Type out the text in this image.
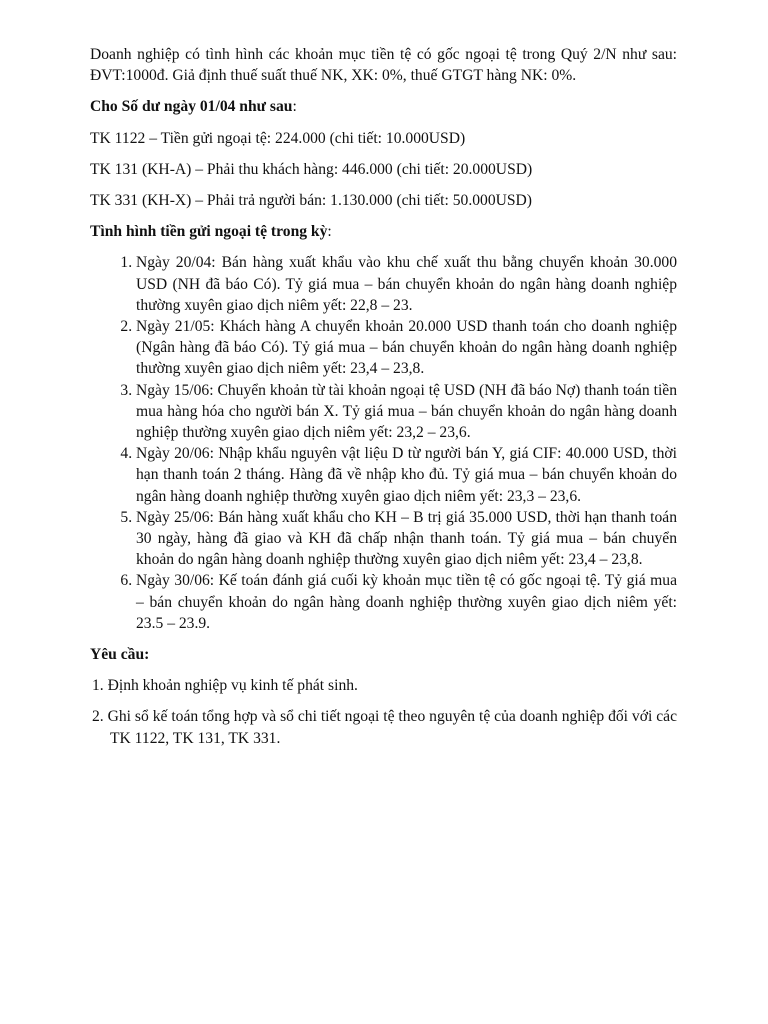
Doanh nghiệp có tình hình các khoản mục tiền tệ có gốc ngoại tệ trong Quý 2/N như sau: ĐVT:1000đ. Giả định thuế suất thuế NK, XK: 0%, thuế GTGT hàng NK: 0%.

Cho Số dư ngày 01/04 như sau:

TK 1122 – Tiền gửi ngoại tệ: 224.000 (chi tiết: 10.000USD)

TK 131 (KH-A) – Phải thu khách hàng: 446.000 (chi tiết: 20.000USD)

TK 331 (KH-X) – Phải trả người bán: 1.130.000 (chi tiết: 50.000USD)

Tình hình tiền gửi ngoại tệ trong kỳ:

1. Ngày 20/04: Bán hàng xuất khẩu vào khu chế xuất thu bằng chuyển khoản 30.000 USD (NH đã báo Có). Tỷ giá mua – bán chuyển khoản do ngân hàng doanh nghiệp thường xuyên giao dịch niêm yết: 22,8 – 23.
2. Ngày 21/05: Khách hàng A chuyển khoản 20.000 USD thanh toán cho doanh nghiệp (Ngân hàng đã báo Có). Tỷ giá mua – bán chuyển khoản do ngân hàng doanh nghiệp thường xuyên giao dịch niêm yết: 23,4 – 23,8.
3. Ngày 15/06: Chuyển khoản từ tài khoản ngoại tệ USD (NH đã báo Nợ) thanh toán tiền mua hàng hóa cho người bán X. Tỷ giá mua – bán chuyển khoản do ngân hàng doanh nghiệp thường xuyên giao dịch niêm yết: 23,2 – 23,6.
4. Ngày 20/06: Nhập khẩu nguyên vật liệu D từ người bán Y, giá CIF: 40.000 USD, thời hạn thanh toán 2 tháng. Hàng đã về nhập kho đủ. Tỷ giá mua – bán chuyển khoản do ngân hàng doanh nghiệp thường xuyên giao dịch niêm yết: 23,3 – 23,6.
5. Ngày 25/06: Bán hàng xuất khẩu cho KH – B trị giá 35.000 USD, thời hạn thanh toán 30 ngày, hàng đã giao và KH đã chấp nhận thanh toán. Tỷ giá mua – bán chuyển khoản do ngân hàng doanh nghiệp thường xuyên giao dịch niêm yết: 23,4 – 23,8.
6. Ngày 30/06: Kế toán đánh giá cuối kỳ khoản mục tiền tệ có gốc ngoại tệ. Tỷ giá mua – bán chuyển khoản do ngân hàng doanh nghiệp thường xuyên giao dịch niêm yết: 23.5 – 23.9.

Yêu cầu:

1. Định khoản nghiệp vụ kinh tế phát sinh.

2. Ghi sổ kế toán tổng hợp và sổ chi tiết ngoại tệ theo nguyên tệ của doanh nghiệp đối với các TK 1122, TK 131, TK 331.
